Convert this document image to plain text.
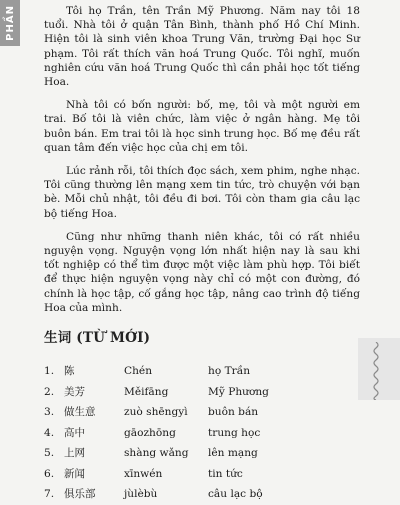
PHẦN	Tôi họ Trần, tên Trần Mỹ Phương. Năm nay tôi 18 tuổi. Nhà tôi ở quận Tân Bình, thành phố Hồ Chí Minh. Hiện tôi là sinh viên khoa Trung Văn, trường Đại học Sư phạm. Tôi rất thích văn hoá Trung Quốc. Tôi nghĩ, muốn nghiên cứu văn hoá Trung Quốc thì cần phải học tốt tiếng Hoa.

Nhà tôi có bốn người: bố, mẹ, tôi và một người em trai. Bố tôi là viên chức, làm việc ở ngân hàng. Mẹ tôi buôn bán. Em trai tôi là học sinh trung học. Bố mẹ đều rất quan tâm đến việc học của chị em tôi.

Lúc rảnh rỗi, tôi thích đọc sách, xem phim, nghe nhạc. Tôi cũng thường lên mạng xem tin tức, trò chuyện với bạn bè. Mỗi chủ nhật, tôi đều đi bơi. Tôi còn tham gia câu lạc bộ tiếng Hoa.

Cũng như những thanh niên khác, tôi có rất nhiều nguyện vọng. Nguyện vọng lớn nhất hiện nay là sau khi tốt nghiệp có thể tìm được một việc làm phù hợp. Tôi biết để thực hiện nguyện vọng này chỉ có một con đường, đó chính là học tập, cố gắng học tập, nâng cao trình độ tiếng Hoa của mình.

生词 (TỪ MỚI)
1. 陈	Chén	họ Trần
2. 美芳	Měifāng	Mỹ Phương
3. 做生意	zuò shēngyì	buôn bán
4. 高中	gāozhōng	trung học
5. 上网	shàng wǎng	lên mạng
6. 新闻	xīnwén	tin tức
7. 俱乐部	jùlèbù	câu lạc bộ
